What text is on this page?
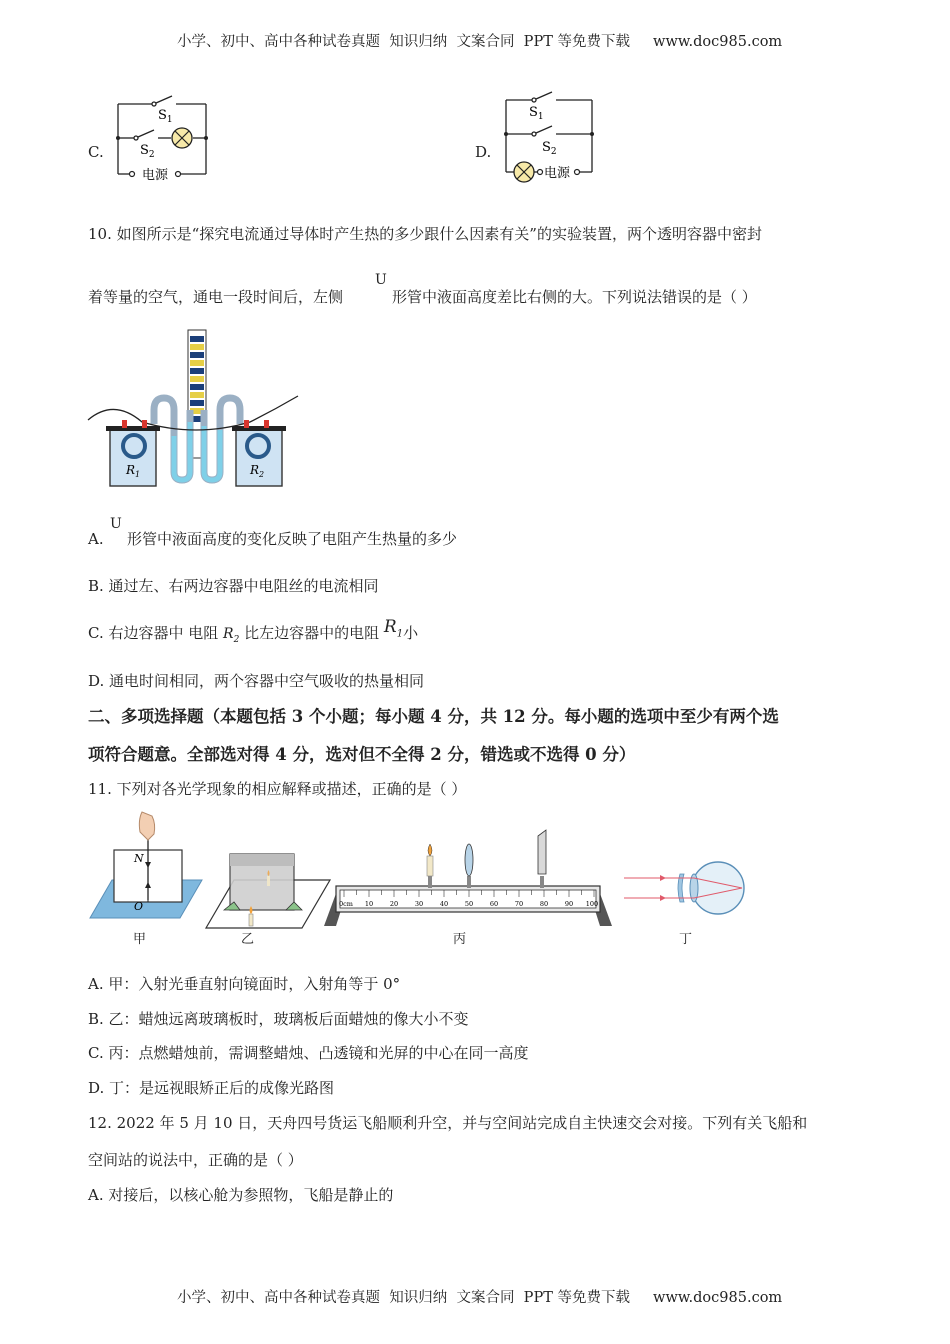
小学、初中、高中各种试卷真题  知识归纳  文案合同  PPT 等免费下载 www.doc985.com

C.
$S_1$
$S_2$
电源
D.
$S_1$
$S_2$
电源
10. 如图所示是“探究电流通过导体时产生热的多少跟什么因素有关”的实验装置，两个透明容器中密封
着等量的空气，通电一段时间后，左侧
U
形管中液面高度差比右侧的大。下列说法错误的是（ ）
$R_1$	$R_2$
A.
U
形管中液面高度的变化反映了电阻产生热量的多少
B. 通过左、右两边容器中电阻丝的电流相同
C. 右边容器中 电阻 $R_2$ 比左边容器中的电阻 $R_1$小
D. 通电时间相同，两个容器中空气吸收的热量相同
二、多项选择题（本题包括 3 个小题；每小题 4 分，共 12 分。每小题的选项中至少有两个选
项符合题意。全部选对得 4 分，选对但不全得 2 分，错选或不选得 0 分）
11. 下列对各光学现象的相应解释或描述，正确的是（ ）
N
O	0cm 10	20	30	40	50	60	70	80	90 100
甲	乙	丙	丁
A. 甲：入射光垂直射向镜面时，入射角等于 0°
B. 乙：蜡烛远离玻璃板时，玻璃板后面蜡烛的像大小不变
C. 丙：点燃蜡烛前，需调整蜡烛、凸透镜和光屏的中心在同一高度
D. 丁：是远视眼矫正后的成像光路图
12. 2022 年 5 月 10 日，天舟四号货运飞船顺利升空，并与空间站完成自主快速交会对接。下列有关飞船和
空间站的说法中，正确的是（ ）
A. 对接后，以核心舱为参照物，飞船是静止的

小学、初中、高中各种试卷真题  知识归纳  文案合同  PPT 等免费下载 www.doc985.com
